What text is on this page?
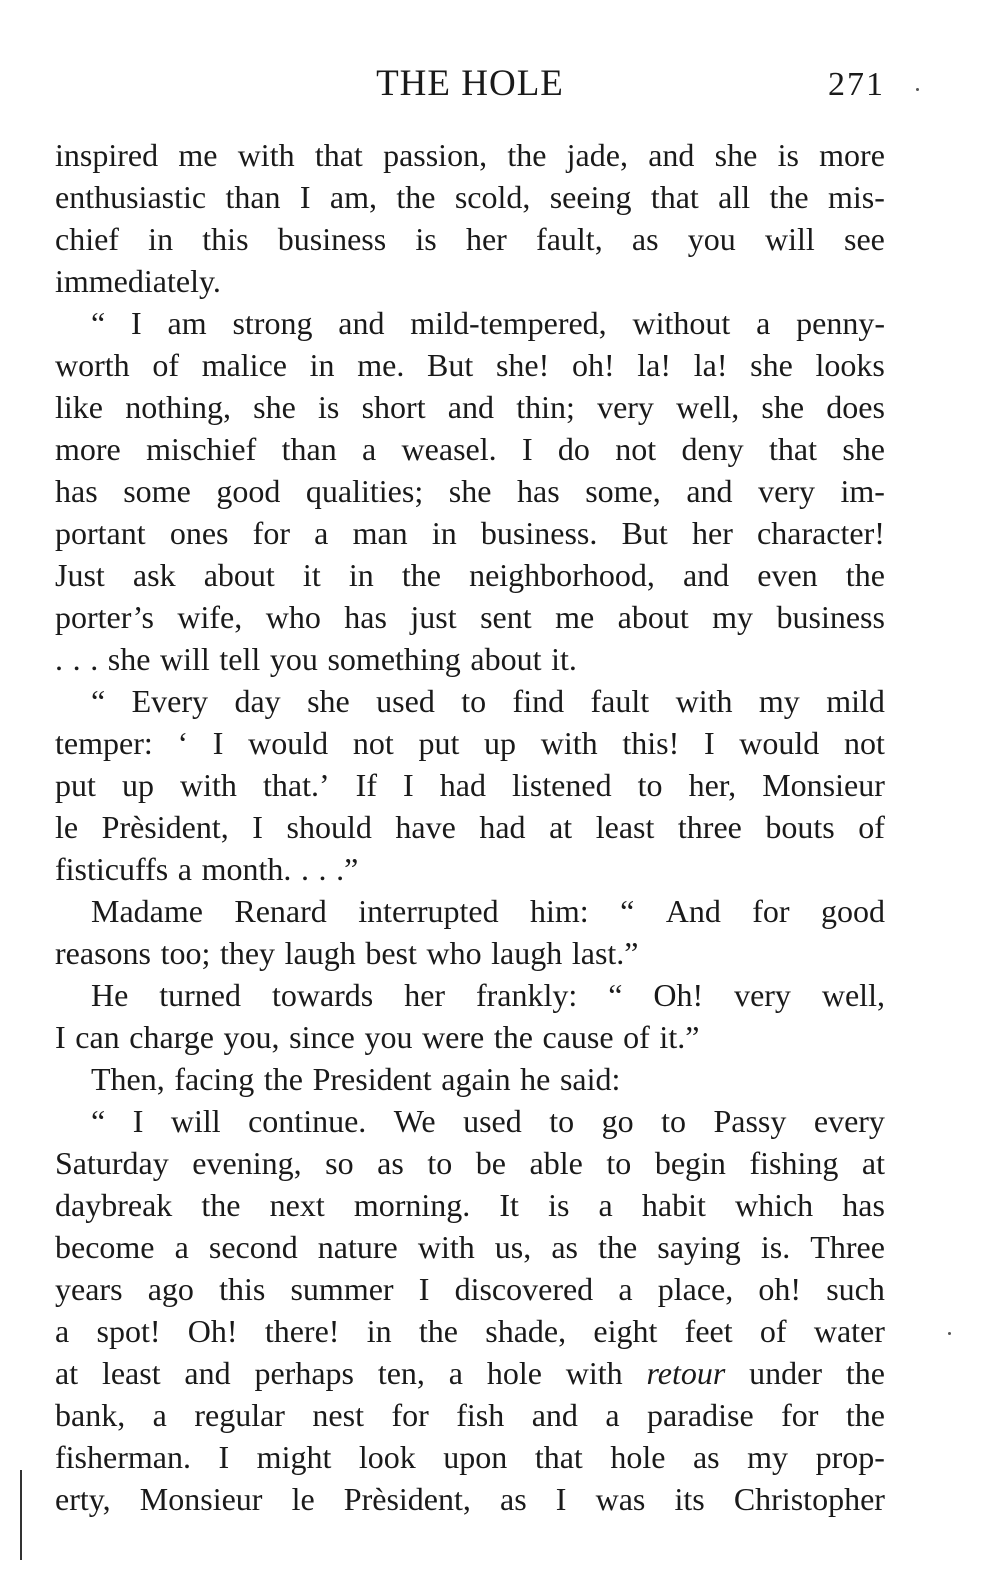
THE HOLE	271
inspired me with that passion, the jade, and she is more
enthusiastic than I am, the scold, seeing that all the mis-
chief in this business is her fault, as you will see
immediately.
“ I am strong and mild-tempered, without a penny-
worth of malice in me. But she! oh! la! la! she looks
like nothing, she is short and thin; very well, she does
more mischief than a weasel. I do not deny that she
has some good qualities; she has some, and very im-
portant ones for a man in business. But her character!
Just ask about it in the neighborhood, and even the
porter’s wife, who has just sent me about my business
. . . she will tell you something about it.
“ Every day she used to find fault with my mild
temper: ‘ I would not put up with this! I would not
put up with that.’ If I had listened to her, Monsieur
le Prèsident, I should have had at least three bouts of
fisticuffs a month. . . .”
Madame Renard interrupted him: “ And for good
reasons too; they laugh best who laugh last.”
He turned towards her frankly: “ Oh! very well,
I can charge you, since you were the cause of it.”
Then, facing the President again he said:
“ I will continue. We used to go to Passy every
Saturday evening, so as to be able to begin fishing at
daybreak the next morning. It is a habit which has
become a second nature with us, as the saying is. Three
years ago this summer I discovered a place, oh! such
a spot! Oh! there! in the shade, eight feet of water
at least and perhaps ten, a hole with retour under the
bank, a regular nest for fish and a paradise for the
fisherman. I might look upon that hole as my prop-
erty, Monsieur le Prèsident, as I was its Christopher
